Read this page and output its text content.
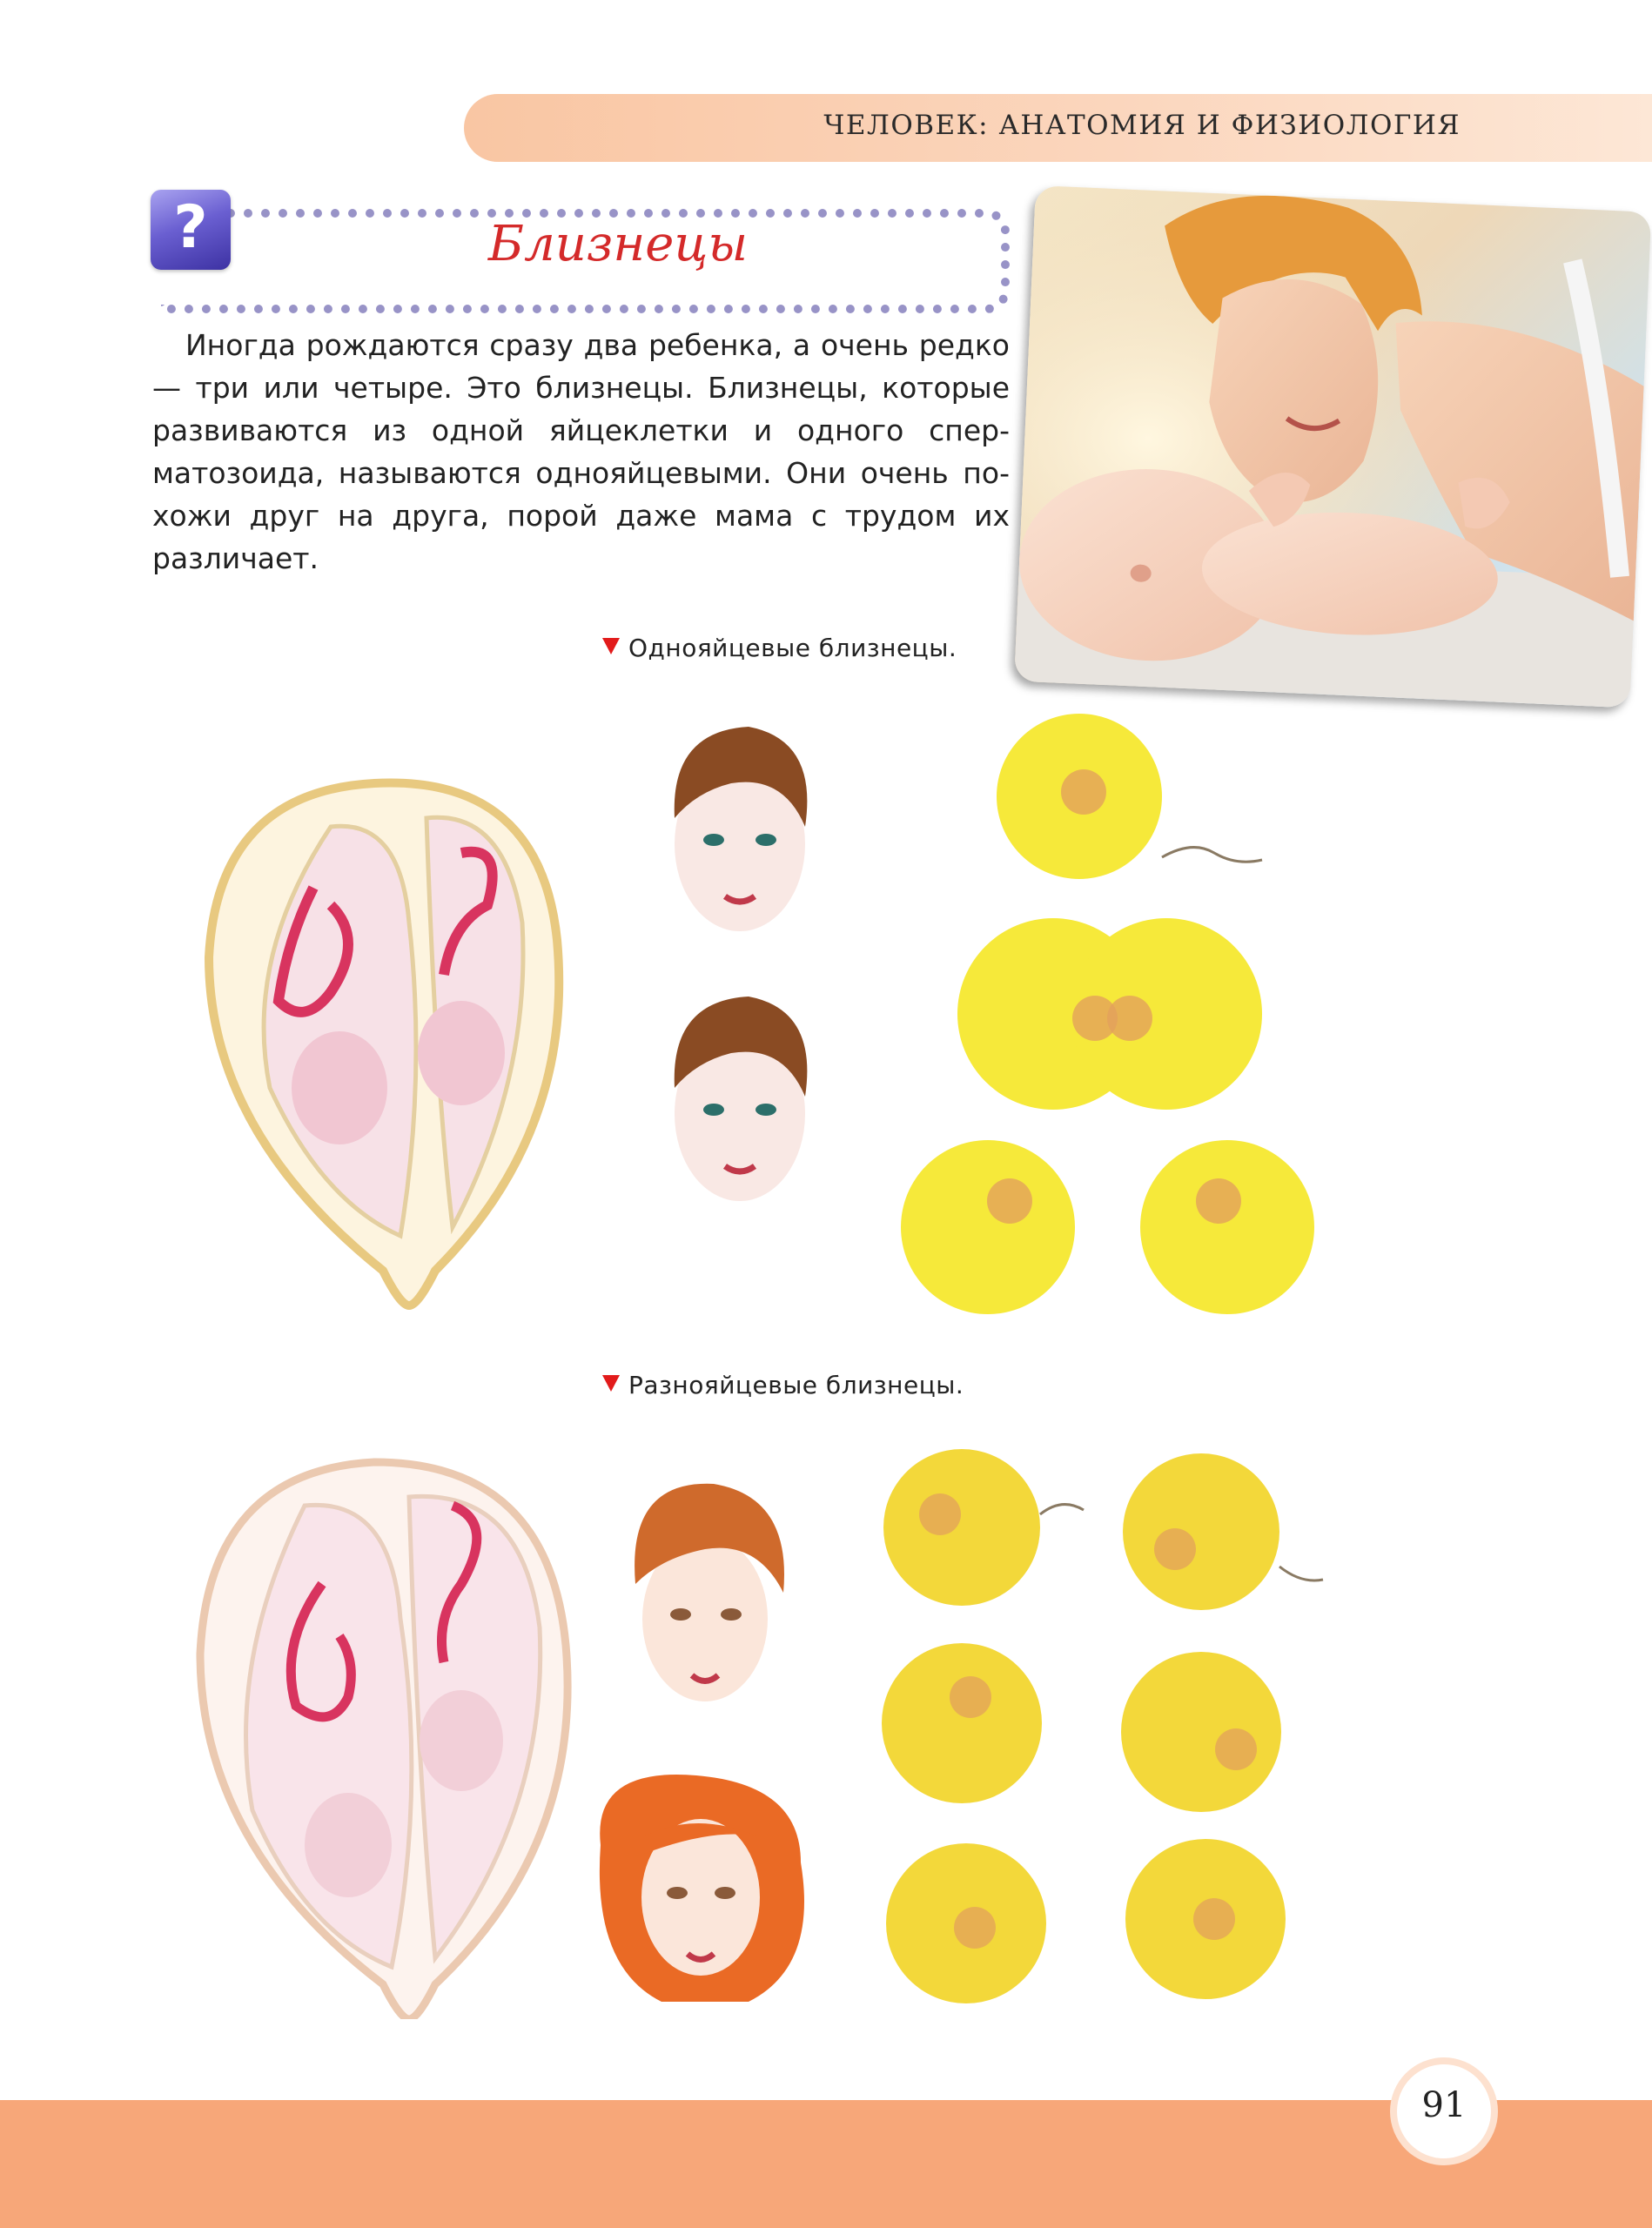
ЧЕЛОВЕК: АНАТОМИЯ И ФИЗИОЛОГИЯ
?	Близнецы
Иногда рождаются сразу два ребенка, а очень редко — три или четыре. Это близнецы. Близнецы, которые развиваются из одной яйцеклетки и одного сперматозоида, называются однояйцевыми. Они очень похожи друг на друга, порой даже мама с трудом их различает.
Однояйцевые близнецы.
Разнояйцевые близнецы.
91
